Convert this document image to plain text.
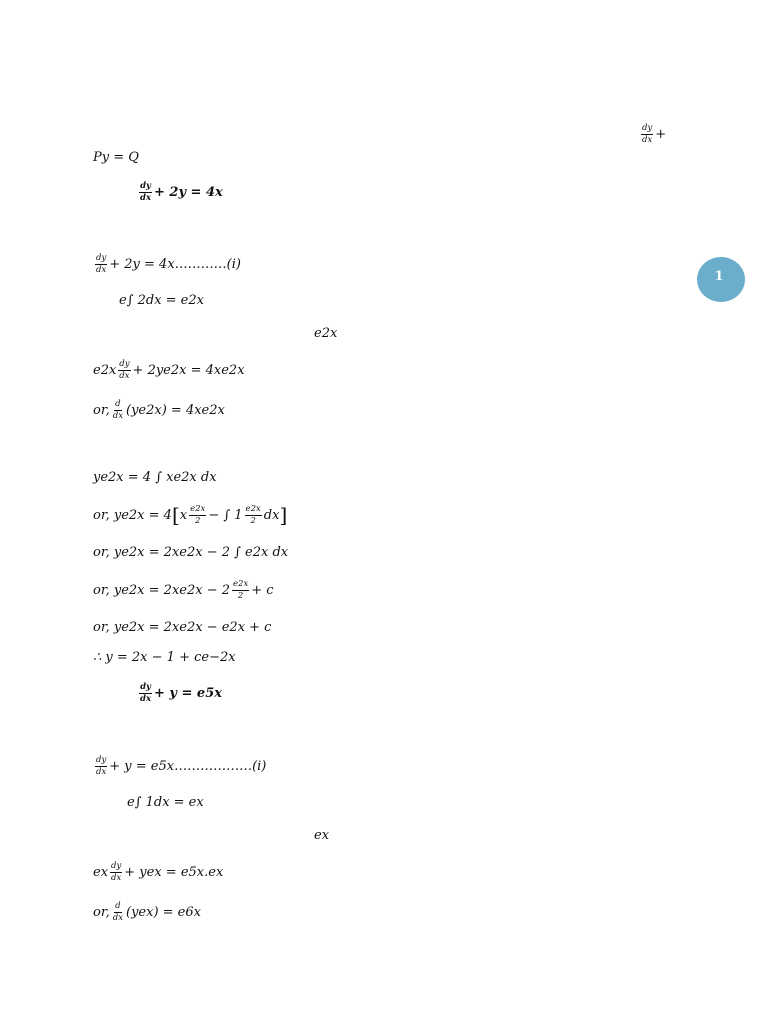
$\frac{dy}{dx}$ +
1
Py = Q
$\frac{dy}{dx} + 2y = 4x$
$\frac{dy}{dx} + 2y$ = 4x…………(i)
e∫ 2dx = e2x
e2x
$e2x \frac{dy}{dx} + 2ye2x = 4xe2x$
or, $\frac{d}{dx} (ye2x) = 4xe2x$
ye2x = 4 ∫ xe2x dx
or, ye2x = 4 [ x $\frac{e2x}{2}$ − ∫ $1 \frac{e2x}{2}$ dx ]
or, ye2x = 2xe2x − 2 ∫ e2x dx
or, $ye2x = 2xe2x - 2 \frac{e2x}{2} + c$
or, ye2x = 2xe2x − e2x + c
∴ y = 2x − 1 + ce−2x
$\frac{dy}{dx} + y = e5x$
$\frac{dy}{dx} + y$ = e5x………………(i)
e∫ 1dx = ex
ex
ex $\frac{dy}{dx}$ + yex = e5x.ex
or, $\frac{d}{dx} (yex) = e6x$
